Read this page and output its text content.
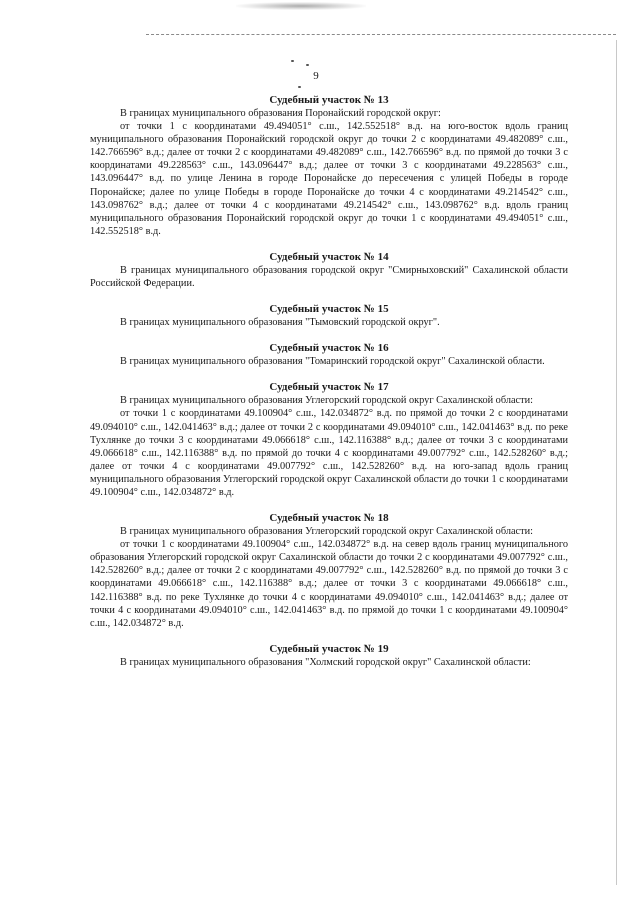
9

Судебный участок № 13

В границах муниципального образования Поронайский городской округ:

от точки 1 с координатами 49.494051° с.ш., 142.552518° в.д. на юго-восток вдоль границ муниципального образования Поронайский городской округ до точки 2 с координатами 49.482089° с.ш., 142.766596° в.д.; далее от точки 2 с координатами 49.482089° с.ш., 142.766596° в.д. по прямой до точки 3 с координатами 49.228563° с.ш., 143.096447° в.д.; далее от точки 3 с координатами 49.228563° с.ш., 143.096447° в.д. по улице Ленина в городе Поронайске до пересечения с улицей Победы в городе Поронайске; далее по улице Победы в городе Поронайске до точки 4 с координатами 49.214542° с.ш., 143.098762° в.д.; далее от точки 4 с координатами 49.214542° с.ш., 143.098762° в.д. вдоль границ муниципального образования Поронайский городской округ до точки 1 с координатами 49.494051° с.ш., 142.552518° в.д.

Судебный участок № 14

В границах муниципального образования городской округ "Смирныховский" Сахалинской области Российской Федерации.

Судебный участок № 15

В границах муниципального образования "Тымовский городской округ".

Судебный участок № 16

В границах муниципального образования "Томаринский городской округ" Сахалинской области.

Судебный участок № 17

В границах муниципального образования Углегорский городской округ Сахалинской области:

от точки 1 с координатами 49.100904° с.ш., 142.034872° в.д. по прямой до точки 2 с координатами 49.094010° с.ш., 142.041463° в.д.; далее от точки 2 с координатами 49.094010° с.ш., 142.041463° в.д. по реке Тухлянке до точки 3 с координатами 49.066618° с.ш., 142.116388° в.д.; далее от точки 3 с координатами 49.066618° с.ш., 142.116388° в.д. по прямой до точки 4 с координатами 49.007792° с.ш., 142.528260° в.д.; далее от точки 4 с координатами 49.007792° с.ш., 142.528260° в.д. на юго-запад вдоль границ муниципального образования Углегорский городской округ Сахалинской области до точки 1 с координатами 49.100904° с.ш., 142.034872° в.д.

Судебный участок № 18

В границах муниципального образования Углегорский городской округ Сахалинской области:

от точки 1 с координатами 49.100904° с.ш., 142.034872° в.д. на север вдоль границ муниципального образования Углегорский городской округ Сахалинской области до точки 2 с координатами 49.007792° с.ш., 142.528260° в.д.; далее от точки 2 с координатами 49.007792° с.ш., 142.528260° в.д. по прямой до точки 3 с координатами 49.066618° с.ш., 142.116388° в.д.; далее от точки 3 с координатами 49.066618° с.ш., 142.116388° в.д. по реке Тухлянке до точки 4 с координатами 49.094010° с.ш., 142.041463° в.д.; далее от точки 4 с координатами 49.094010° с.ш., 142.041463° в.д. по прямой до точки 1 с координатами 49.100904° с.ш., 142.034872° в.д.

Судебный участок № 19

В границах муниципального образования "Холмский городской округ" Сахалинской области:
